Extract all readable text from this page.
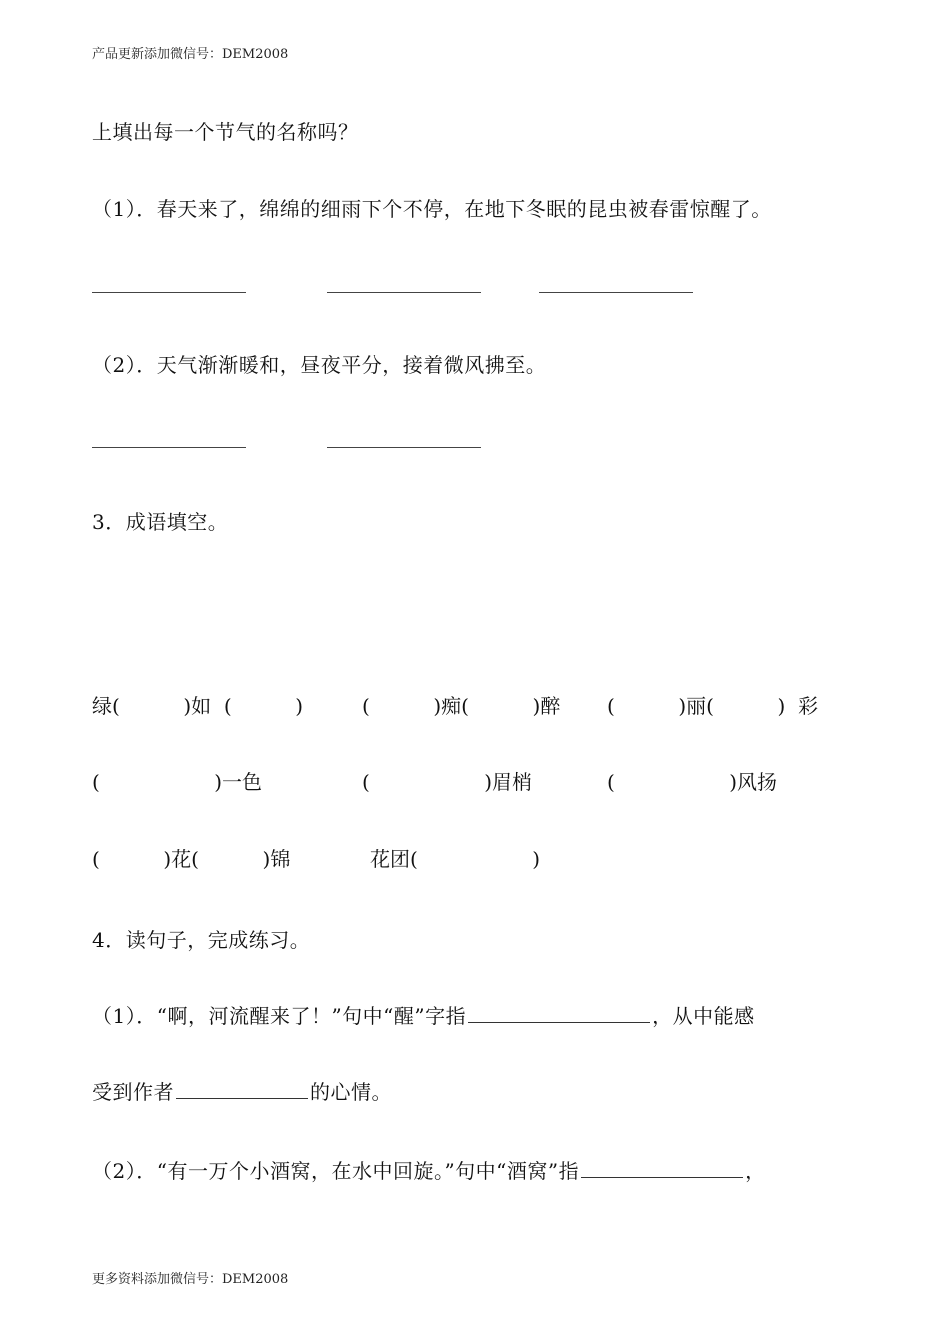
产品更新添加微信号：DEM2008
上填出每一个节气的名称吗？
（1）．春天来了，绵绵的细雨下个不停，在地下冬眠的昆虫被春雷惊醒了。
（2）．天气渐渐暖和，昼夜平分，接着微风拂至。
3．成语填空。
绿(          )如  (          )	(          )痴(          )醉 (          )丽(          )  彩
(                  )一色	(                  )眉梢	(                  )风扬
(          )花(          )锦	花团(                  )
4．读句子，完成练习。
（1）．“啊，河流醒来了！”句中“醒”字指	，从中能感
受到作者	的心情。
（2）．“有一万个小酒窝，在水中回旋。”句中“酒窝”指	，
更多资料添加微信号：DEM2008
